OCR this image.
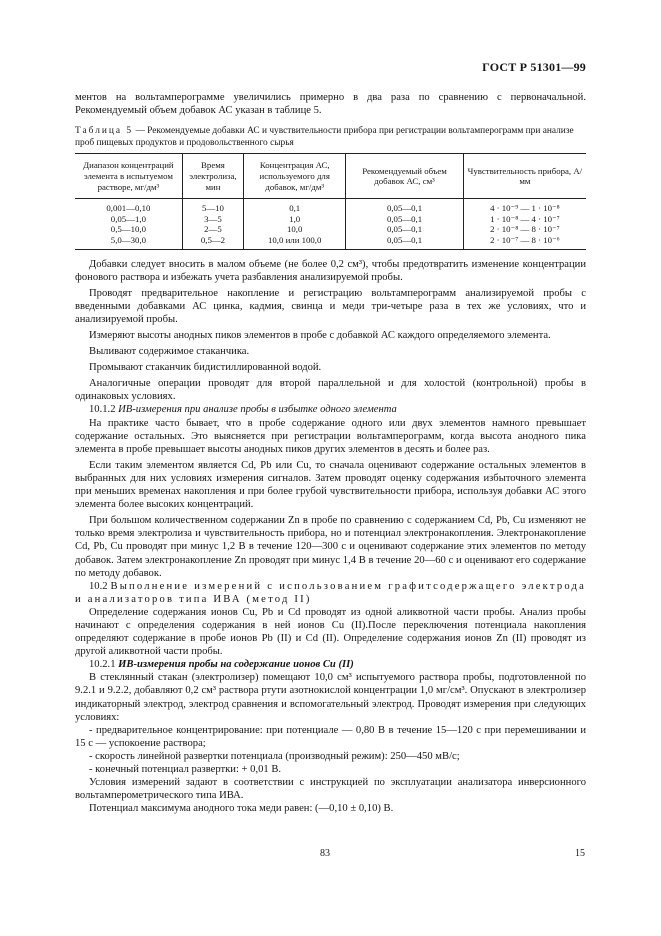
ГОСТ Р 51301—99

ментов на вольтамперограмме увеличились примерно в два раза по сравнению с первоначальной. Рекомендуемый объем добавок АС указан в таблице 5.

Таблица 5 — Рекомендуемые добавки АС и чувствительности прибора при регистрации вольтамперограмм при анализе проб пищевых продуктов и продовольственного сырья

Диапазон концентраций элемента в испытуемом растворе, мг/дм³	Время электролиза, мин	Концентрация АС, используемого для добавок, мг/дм³	Рекомендуемый объем добавок АС, см³	Чувствительность прибора, А/мм
0,001—0,10	5—10	0,1	0,05—0,1	4 · 10⁻⁹ — 1 · 10⁻⁸
0,05—1,0	3—5	1,0	0,05—0,1	1 · 10⁻⁸ — 4 · 10⁻⁷
0,5—10,0	2—5	10,0	0,05—0,1	2 · 10⁻⁸ — 8 · 10⁻⁷
5,0—30,0	0,5—2	10,0 или 100,0	0,05—0,1	2 · 10⁻⁷ — 8 · 10⁻⁶

Добавки следует вносить в малом объеме (не более 0,2 см³), чтобы предотвратить изменение концентрации фонового раствора и избежать учета разбавления анализируемой пробы.

Проводят предварительное накопление и регистрацию вольтамперограмм анализируемой пробы с введенными добавками АС цинка, кадмия, свинца и меди три-четыре раза в тех же условиях, что и анализируемой пробы.

Измеряют высоты анодных пиков элементов в пробе с добавкой АС каждого определяемого элемента.

Выливают содержимое стаканчика.

Промывают стаканчик бидистиллированной водой.

Аналогичные операции проводят для второй параллельной и для холостой (контрольной) пробы в одинаковых условиях.

10.1.2 ИВ-измерения при анализе пробы в избытке одного элемента

На практике часто бывает, что в пробе содержание одного или двух элементов намного превышает содержание остальных. Это выясняется при регистрации вольтамперограмм, когда высота анодного пика элемента в пробе превышает высоты анодных пиков других элементов в десять и более раз.

Если таким элементом является Cd, Pb или Cu, то сначала оценивают содержание остальных элементов в выбранных для них условиях измерения сигналов. Затем проводят оценку содержания избыточного элемента при меньших временах накопления и при более грубой чувствительности прибора, используя добавки АС этого элемента более высоких концентраций.

При большом количественном содержании Zn в пробе по сравнению с содержанием Cd, Pb, Cu изменяют не только время электролиза и чувствительность прибора, но и потенциал электронакопления. Электронакопление Cd, Pb, Cu проводят при минус 1,2 В в течение 120—300 с и оценивают содержание этих элементов по методу добавок. Затем электронакопление Zn проводят при минус 1,4 В в течение 20—60 с и оценивают его содержание по методу добавок.

10.2 Выполнение измерений с использованием графитсодержащего электрода и анализаторов типа ИВА (метод II)

Определение содержания ионов Cu, Pb и Cd проводят из одной аликвотной части пробы. Анализ пробы начинают с определения содержания в ней ионов Cu (II).После переключения потенциала накопления определяют содержание в пробе ионов Pb (II) и Cd (II). Определение содержания ионов Zn (II) проводят из другой аликвотной части пробы.

10.2.1 ИВ-измерения пробы на содержание ионов Cu (II)

В стеклянный стакан (электролизер) помещают 10,0 см³ испытуемого раствора пробы, подготовленной по 9.2.1 и 9.2.2, добавляют 0,2 см³ раствора ртути азотнокислой концентрации 1,0 мг/см³. Опускают в электролизер индикаторный электрод, электрод сравнения и вспомогательный электрод. Проводят измерения при следующих условиях:

- предварительное концентрирование: при потенциале — 0,80 В в течение 15—120 с при перемешивании и 15 с — успокоение раствора;

- скорость линейной развертки потенциала (производный режим): 250—450 мВ/с;

- конечный потенциал развертки: + 0,01 В.

Условия измерений задают в соответствии с инструкцией по эксплуатации анализатора инверсионного вольтамперометрического типа ИВА.

Потенциал максимума анодного тока меди равен: (—0,10 ± 0,10) В.

83	15
